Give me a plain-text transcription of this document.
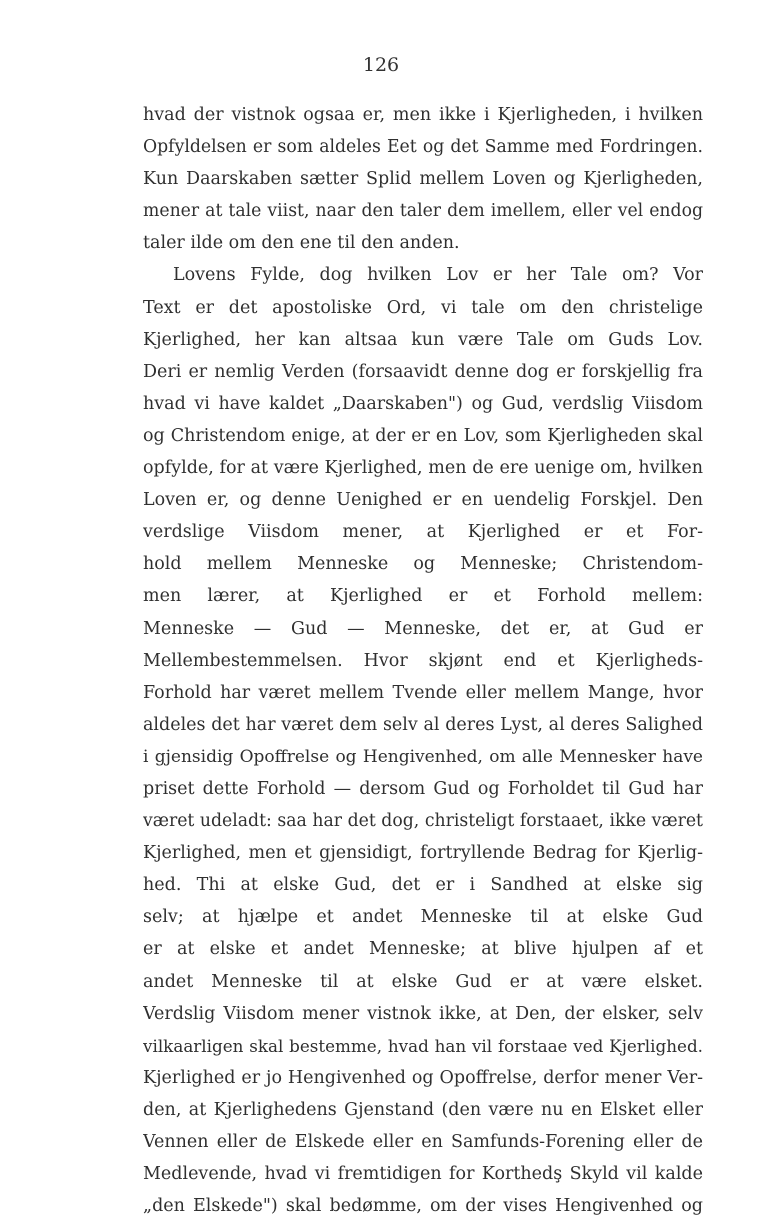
126
hvad der vistnok ogsaa er, men ikke i Kjerligheden, i hvilken
Opfyldelsen er som aldeles Eet og det Samme med Fordringen.
Kun Daarskaben sætter Splid mellem Loven og Kjerligheden,
mener at tale viist, naar den taler dem imellem, eller vel endog
taler ilde om den ene til den anden.
Lovens Fylde, dog hvilken Lov er her Tale om? Vor
Text er det apostoliske Ord, vi tale om den christelige
Kjerlighed, her kan altsaa kun være Tale om Guds Lov.
Deri er nemlig Verden (forsaavidt denne dog er forskjellig fra
hvad vi have kaldet „Daarskaben") og Gud, verdslig Viisdom
og Christendom enige, at der er en Lov, som Kjerligheden skal
opfylde, for at være Kjerlighed, men de ere uenige om, hvilken
Loven er, og denne Uenighed er en uendelig Forskjel. Den
verdslige Viisdom mener, at Kjerlighed er et For-
hold mellem Menneske og Menneske; Christendom-
men lærer, at Kjerlighed er et Forhold mellem:
Menneske — Gud — Menneske, det er, at Gud er
Mellembestemmelsen. Hvor skjønt end et Kjerligheds-
Forhold har været mellem Tvende eller mellem Mange, hvor
aldeles det har været dem selv al deres Lyst, al deres Salighed
i gjensidig Opoffrelse og Hengivenhed, om alle Mennesker have
priset dette Forhold — dersom Gud og Forholdet til Gud har
været udeladt: saa har det dog, christeligt forstaaet, ikke været
Kjerlighed, men et gjensidigt, fortryllende Bedrag for Kjerlig-
hed. Thi at elske Gud, det er i Sandhed at elske sig
selv; at hjælpe et andet Menneske til at elske Gud
er at elske et andet Menneske; at blive hjulpen af et
andet Menneske til at elske Gud er at være elsket.
Verdslig Viisdom mener vistnok ikke, at Den, der elsker, selv
vilkaarligen skal bestemme, hvad han vil forstaae ved Kjerlighed.
Kjerlighed er jo Hengivenhed og Opoffrelse, derfor mener Ver-
den, at Kjerlighedens Gjenstand (den være nu en Elsket eller
Vennen eller de Elskede eller en Samfunds-Forening eller de
Medlevende, hvad vi fremtidigen for Korthedş Skyld vil kalde
„den Elskede") skal bedømme, om der vises Hengivenhed og
